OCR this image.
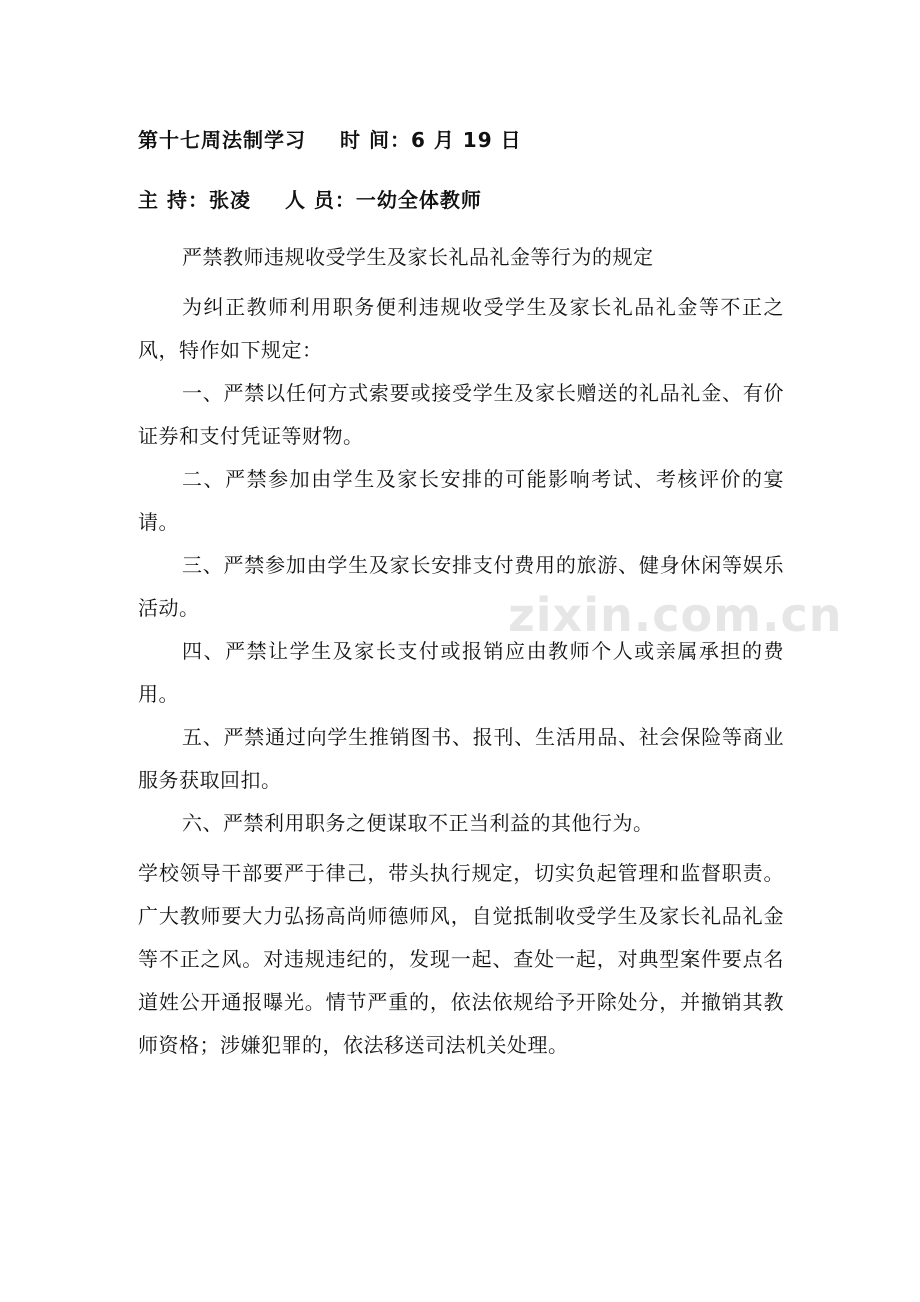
第十七周法制学习 时 间：6 月 19 日
主 持：张凌 人 员：一幼全体教师

严禁教师违规收受学生及家长礼品礼金等行为的规定

为纠正教师利用职务便利违规收受学生及家长礼品礼金等不正之风，特作如下规定：

一、严禁以任何方式索要或接受学生及家长赠送的礼品礼金、有价证券和支付凭证等财物。

二、严禁参加由学生及家长安排的可能影响考试、考核评价的宴请。

三、严禁参加由学生及家长安排支付费用的旅游、健身休闲等娱乐活动。

四、严禁让学生及家长支付或报销应由教师个人或亲属承担的费用。

五、严禁通过向学生推销图书、报刊、生活用品、社会保险等商业服务获取回扣。

六、严禁利用职务之便谋取不正当利益的其他行为。

学校领导干部要严于律己，带头执行规定，切实负起管理和监督职责。广大教师要大力弘扬高尚师德师风，自觉抵制收受学生及家长礼品礼金等不正之风。对违规违纪的，发现一起、查处一起，对典型案件要点名道姓公开通报曝光。情节严重的，依法依规给予开除处分，并撤销其教师资格；涉嫌犯罪的，依法移送司法机关处理。

zixin.com.cn
